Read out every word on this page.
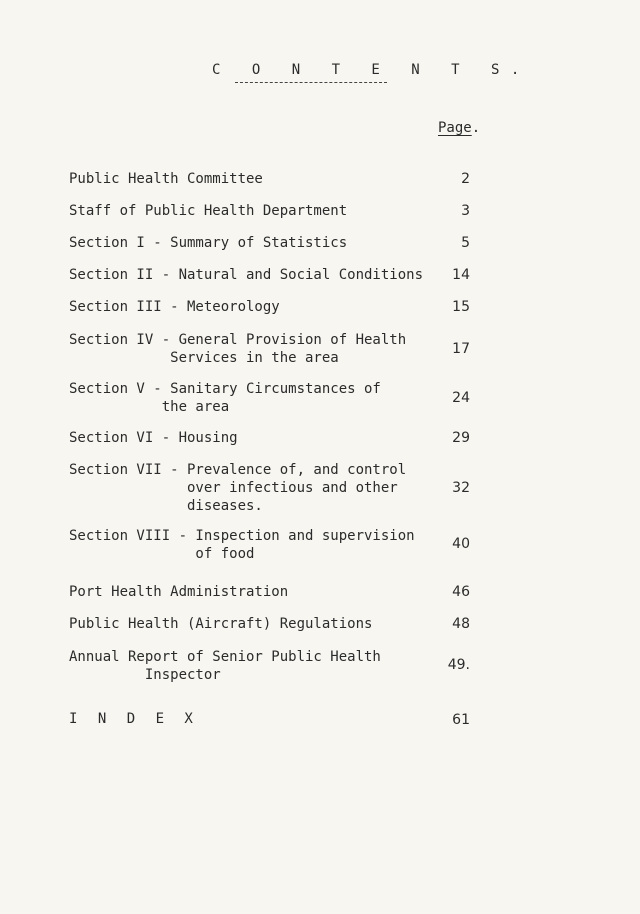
C O N T E N T S.
Page.
Public Health Committee	2
Staff of Public Health Department	3
Section I - Summary of Statistics	5
Section II - Natural and Social Conditions	14
Section III - Meteorology	15
Section IV - General Provision of Health
Services in the area
17
Section V - Sanitary Circumstances of
the area
24
Section VI - Housing	29
Section VII - Prevalence of, and control
over infectious and other
diseases.
32
Section VIII - Inspection and supervision
of food
40
Port Health Administration	46
Public Health (Aircraft) Regulations	48
Annual Report of Senior Public Health
Inspector
49.
I N D E X	61
